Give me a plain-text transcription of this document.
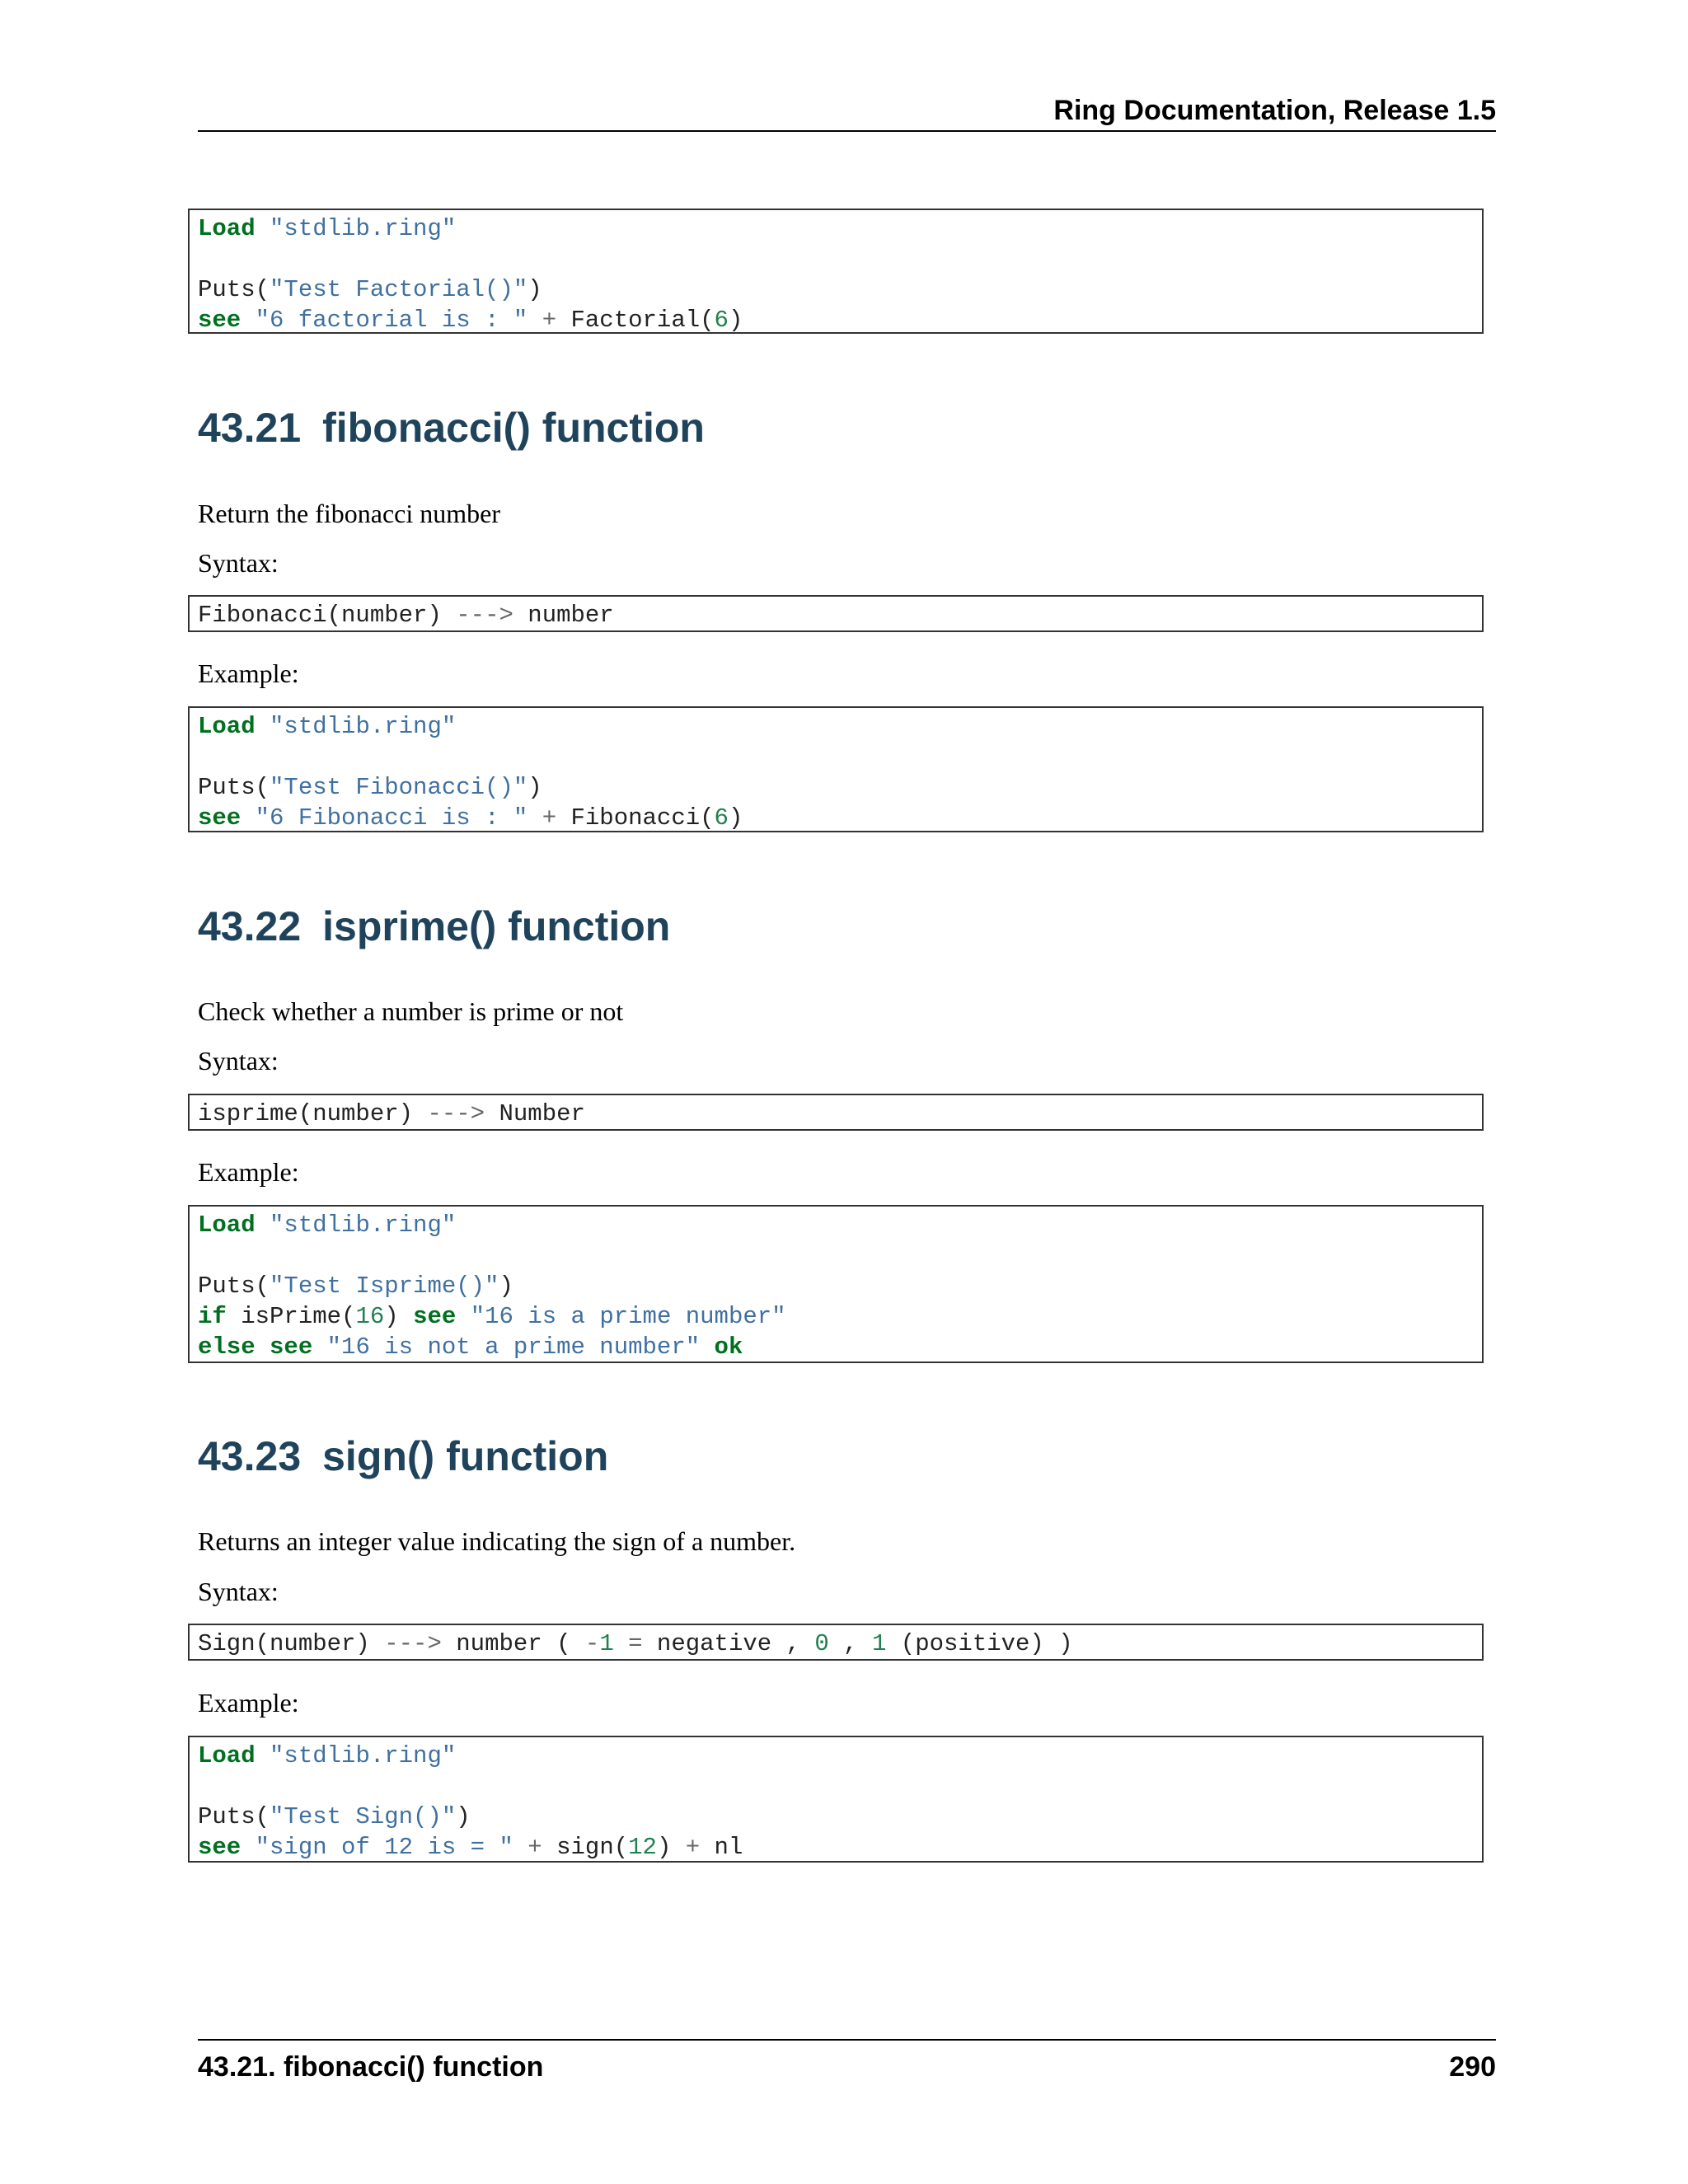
Ring Documentation, Release 1.5
Load "stdlib.ring"
Puts("Test Factorial()")
see "6 factorial is : " + Factorial(6)
43.21 fibonacci() function

Return the fibonacci number

Syntax:

Fibonacci(number) ---> number

Example:

Load "stdlib.ring"
Puts("Test Fibonacci()")
see "6 Fibonacci is : " + Fibonacci(6)
43.22 isprime() function

Check whether a number is prime or not

Syntax:

isprime(number) ---> Number

Example:

Load "stdlib.ring"
Puts("Test Isprime()")
if isPrime(16) see "16 is a prime number"
else see "16 is not a prime number" ok
43.23 sign() function

Returns an integer value indicating the sign of a number.

Syntax:

Sign(number) ---> number ( -1 = negative , 0 , 1 (positive) )

Example:

Load "stdlib.ring"
Puts("Test Sign()")
see "sign of 12 is = " + sign(12) + nl
43.21. fibonacci() function	290
